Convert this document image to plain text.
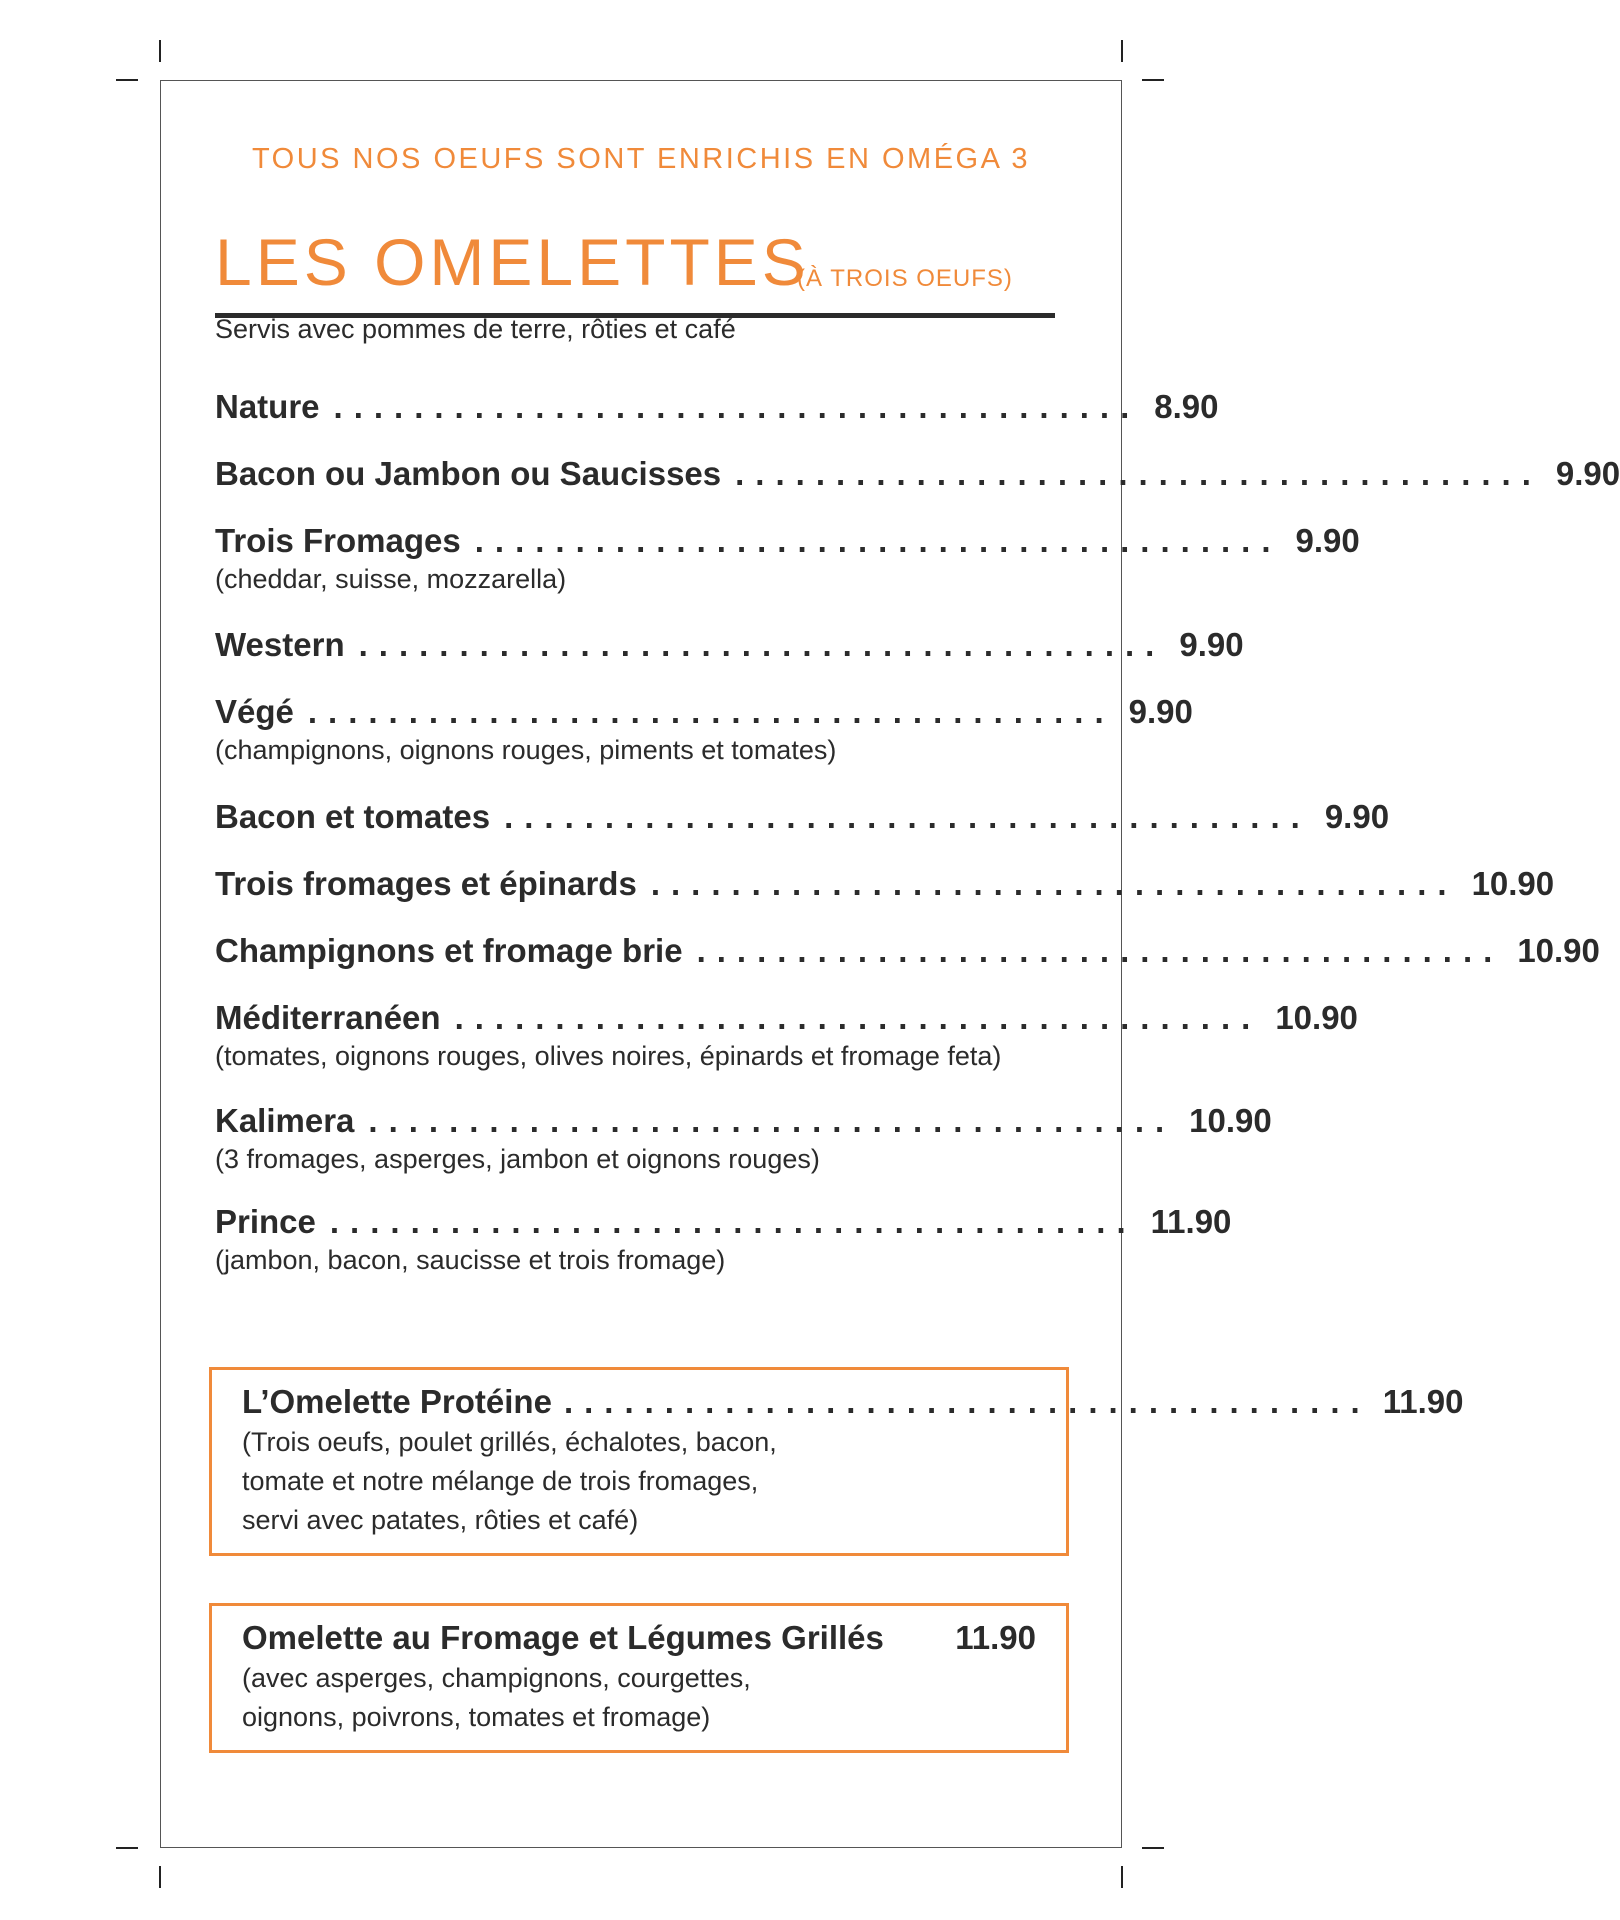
TOUS NOS OEUFS SONT ENRICHIS EN OMÉGA 3
LES OMELETTES
(À TROIS OEUFS)
Servis avec pommes de terre, rôties et café
Nature ........................................ 8.90
Bacon ou Jambon ou Saucisses ........................................ 9.90
Trois Fromages ........................................ 9.90
(cheddar, suisse, mozzarella)
Western ........................................ 9.90
Végé ........................................ 9.90
(champignons, oignons rouges, piments et tomates)
Bacon et tomates ........................................ 9.90
Trois fromages et épinards ........................................ 10.90
Champignons et fromage brie ........................................ 10.90
Méditerranéen ........................................ 10.90
(tomates, oignons rouges, olives noires, épinards et fromage feta)
Kalimera ........................................ 10.90
(3 fromages, asperges, jambon et oignons rouges)
Prince ........................................ 11.90
(jambon, bacon, saucisse et trois fromage)
L’Omelette Protéine ........................................ 11.90
(Trois oeufs, poulet grillés, échalotes, bacon,
tomate et notre mélange de trois fromages,
servi avec patates, rôties et café)
Omelette au Fromage et Légumes Grillés 11.90
(avec asperges, champignons, courgettes,
oignons, poivrons, tomates et fromage)
